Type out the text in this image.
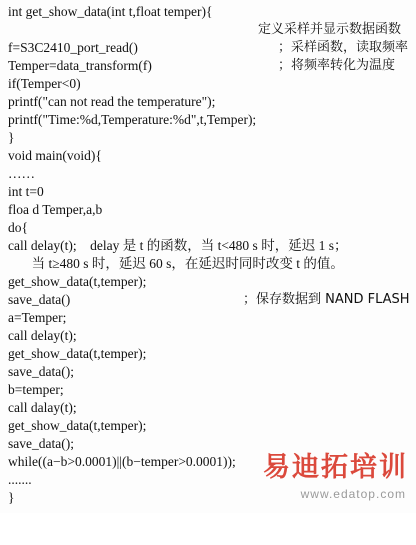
int get_show_data(int t,float temper){

定义采样并显示数据函数

f=S3C2410_port_read()

	；采样函数，读取频率

Temper=data_transform(f)

	；将频率转化为温度

if(Temper<0)

printf("can not read the temperature");

printf("Time:%d,Temperature:%d",t,Temper);

}

void main(void){

……

int t=0

floa d Temper,a,b

do{

call delay(t);    delay 是 t 的函数，当 t<480 s 时，延迟 1 s；

当 t≥480 s 时，延迟 60 s，在延迟时同时改变 t 的值。

get_show_data(t,temper);

save_data()

	；保存数据到 NAND FLASH

a=Temper;

call delay(t);

get_show_data(t,temper);

save_data();

b=temper;

call dalay(t);

get_show_data(t,temper);

save_data();

while((a−b>0.0001)||(b−temper>0.0001));

.......

}

易迪拓培训
www.edatop.com
